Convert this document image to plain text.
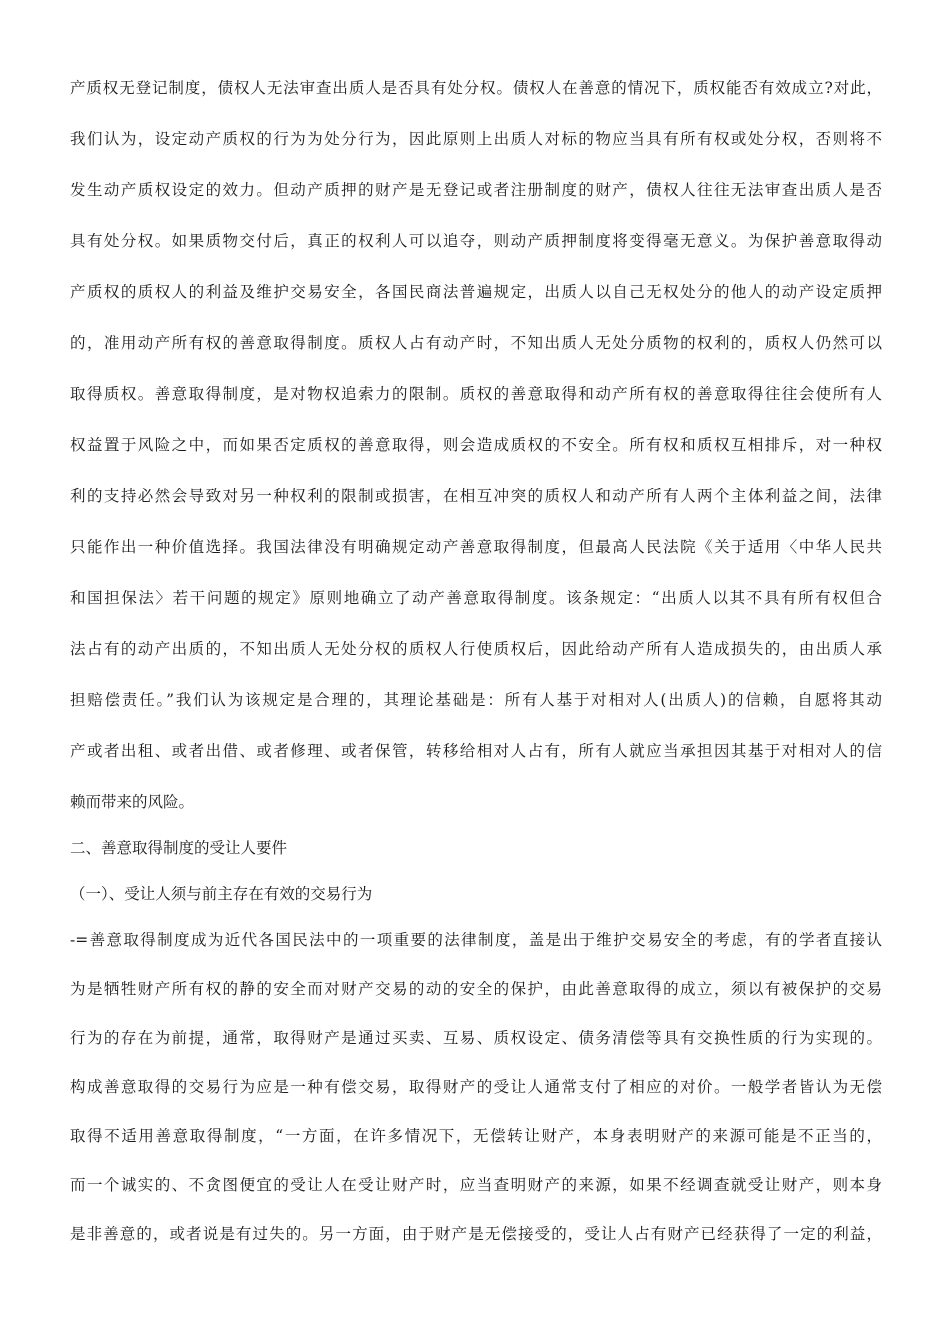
产质权无登记制度，债权人无法审查出质人是否具有处分权。债权人在善意的情况下，质权能否有效成立?对此，
我们认为，设定动产质权的行为为处分行为，因此原则上出质人对标的物应当具有所有权或处分权，否则将不
发生动产质权设定的效力。但动产质押的财产是无登记或者注册制度的财产，债权人往往无法审查出质人是否
具有处分权。如果质物交付后，真正的权利人可以追夺，则动产质押制度将变得毫无意义。为保护善意取得动
产质权的质权人的利益及维护交易安全，各国民商法普遍规定，出质人以自己无权处分的他人的动产设定质押
的，准用动产所有权的善意取得制度。质权人占有动产时，不知出质人无处分质物的权利的，质权人仍然可以
取得质权。善意取得制度，是对物权追索力的限制。质权的善意取得和动产所有权的善意取得往往会使所有人
权益置于风险之中，而如果否定质权的善意取得，则会造成质权的不安全。所有权和质权互相排斥，对一种权
利的支持必然会导致对另一种权利的限制或损害，在相互冲突的质权人和动产所有人两个主体利益之间，法律
只能作出一种价值选择。我国法律没有明确规定动产善意取得制度，但最高人民法院《关于适用〈中华人民共
和国担保法〉若干问题的规定》原则地确立了动产善意取得制度。该条规定：“出质人以其不具有所有权但合
法占有的动产出质的，不知出质人无处分权的质权人行使质权后，因此给动产所有人造成损失的，由出质人承
担赔偿责任。”我们认为该规定是合理的，其理论基础是：所有人基于对相对人(出质人)的信赖，自愿将其动
产或者出租、或者出借、或者修理、或者保管，转移给相对人占有，所有人就应当承担因其基于对相对人的信
赖而带来的风险。
二、善意取得制度的受让人要件
（一）、受让人须与前主存在有效的交易行为
-=善意取得制度成为近代各国民法中的一项重要的法律制度，盖是出于维护交易安全的考虑，有的学者直接认
为是牺牲财产所有权的静的安全而对财产交易的动的安全的保护，由此善意取得的成立，须以有被保护的交易
行为的存在为前提，通常，取得财产是通过买卖、互易、质权设定、债务清偿等具有交换性质的行为实现的。
构成善意取得的交易行为应是一种有偿交易，取得财产的受让人通常支付了相应的对价。一般学者皆认为无偿
取得不适用善意取得制度，“一方面，在许多情况下，无偿转让财产，本身表明财产的来源可能是不正当的，
而一个诚实的、不贪图便宜的受让人在受让财产时，应当查明财产的来源，如果不经调查就受让财产，则本身
是非善意的，或者说是有过失的。另一方面，由于财产是无偿接受的，受让人占有财产已经获得了一定的利益，
